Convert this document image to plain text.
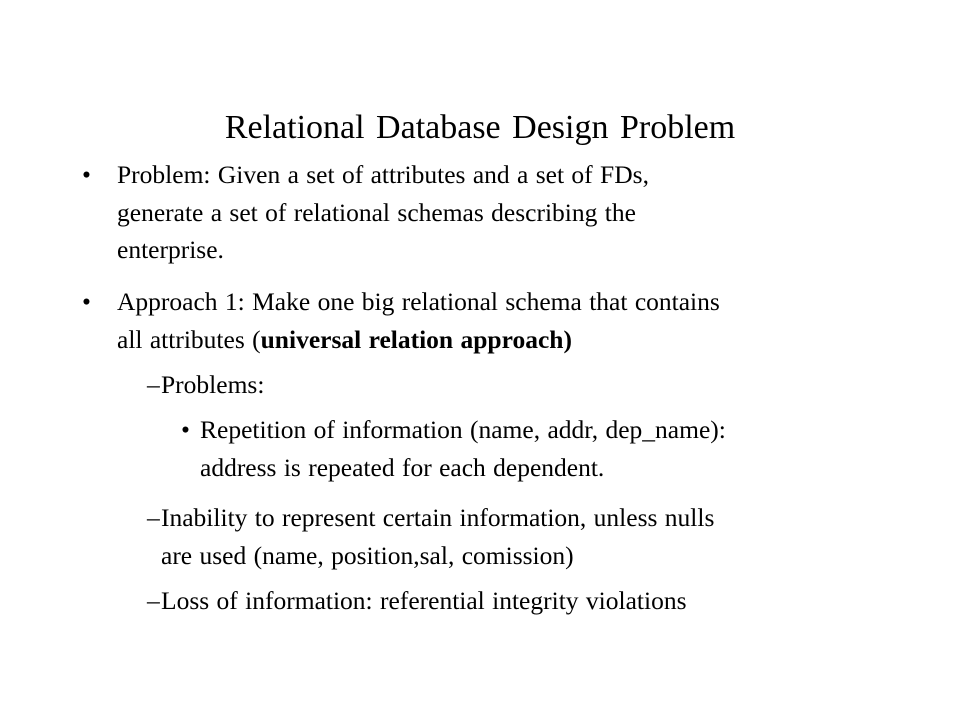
Relational Database Design Problem
• Problem: Given a set of attributes and a set of FDs,
generate a set of relational schemas describing the
enterprise.
• Approach 1: Make one big relational schema that contains
all attributes (universal relation approach)
– Problems:
• Repetition of information (name, addr, dep_name):
address is repeated for each dependent.
– Inability to represent certain information, unless nulls
are used (name, position,sal, comission)
– Loss of information: referential integrity violations
